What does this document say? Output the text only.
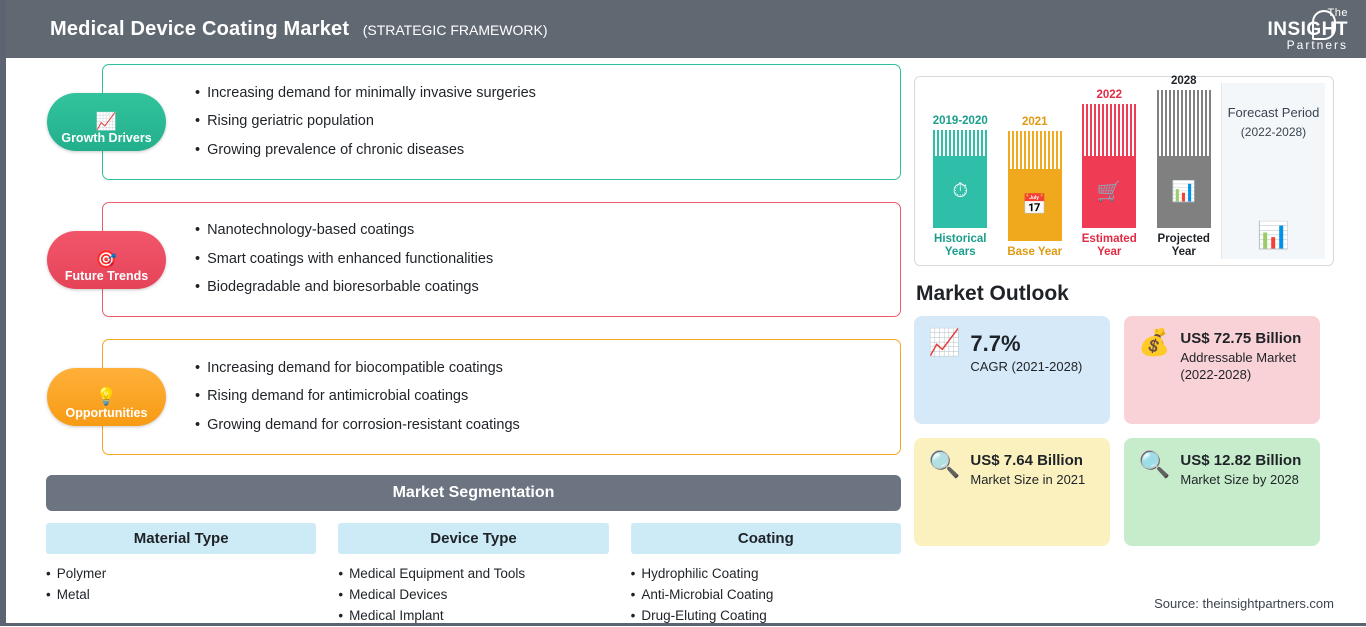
Medical Device Coating Market (STRATEGIC FRAMEWORK)
The
INSIGHT
Partners
📈
Growth Drivers
• Increasing demand for minimally invasive surgeries
• Rising geriatric population
• Growing prevalence of chronic diseases
🎯
Future Trends
• Nanotechnology-based coatings
• Smart coatings with enhanced functionalities
• Biodegradable and bioresorbable coatings
💡
Opportunities
• Increasing demand for biocompatible coatings
• Rising demand for antimicrobial coatings
• Growing demand for corrosion-resistant coatings
Market Segmentation
Material Type
• Polymer
• Metal
Device Type
• Medical Equipment and Tools
• Medical Devices
• Medical Implant
Coating
• Hydrophilic Coating
• Anti-Microbial Coating
• Drug-Eluting Coating
2019-2020
⏱
Historical Years
2021
📅
Base Year
2022
🛒
Estimated Year
2028
📊
Projected Year
Forecast Period
(2022-2028)
📊
Market Outlook
📈 7.7%
CAGR (2021-2028)
💰 US$ 72.75 Billion
Addressable Market (2022-2028)
🔍 US$ 7.64 Billion
Market Size in 2021
🔍 US$ 12.82 Billion
Market Size by 2028
Source: theinsightpartners.com
